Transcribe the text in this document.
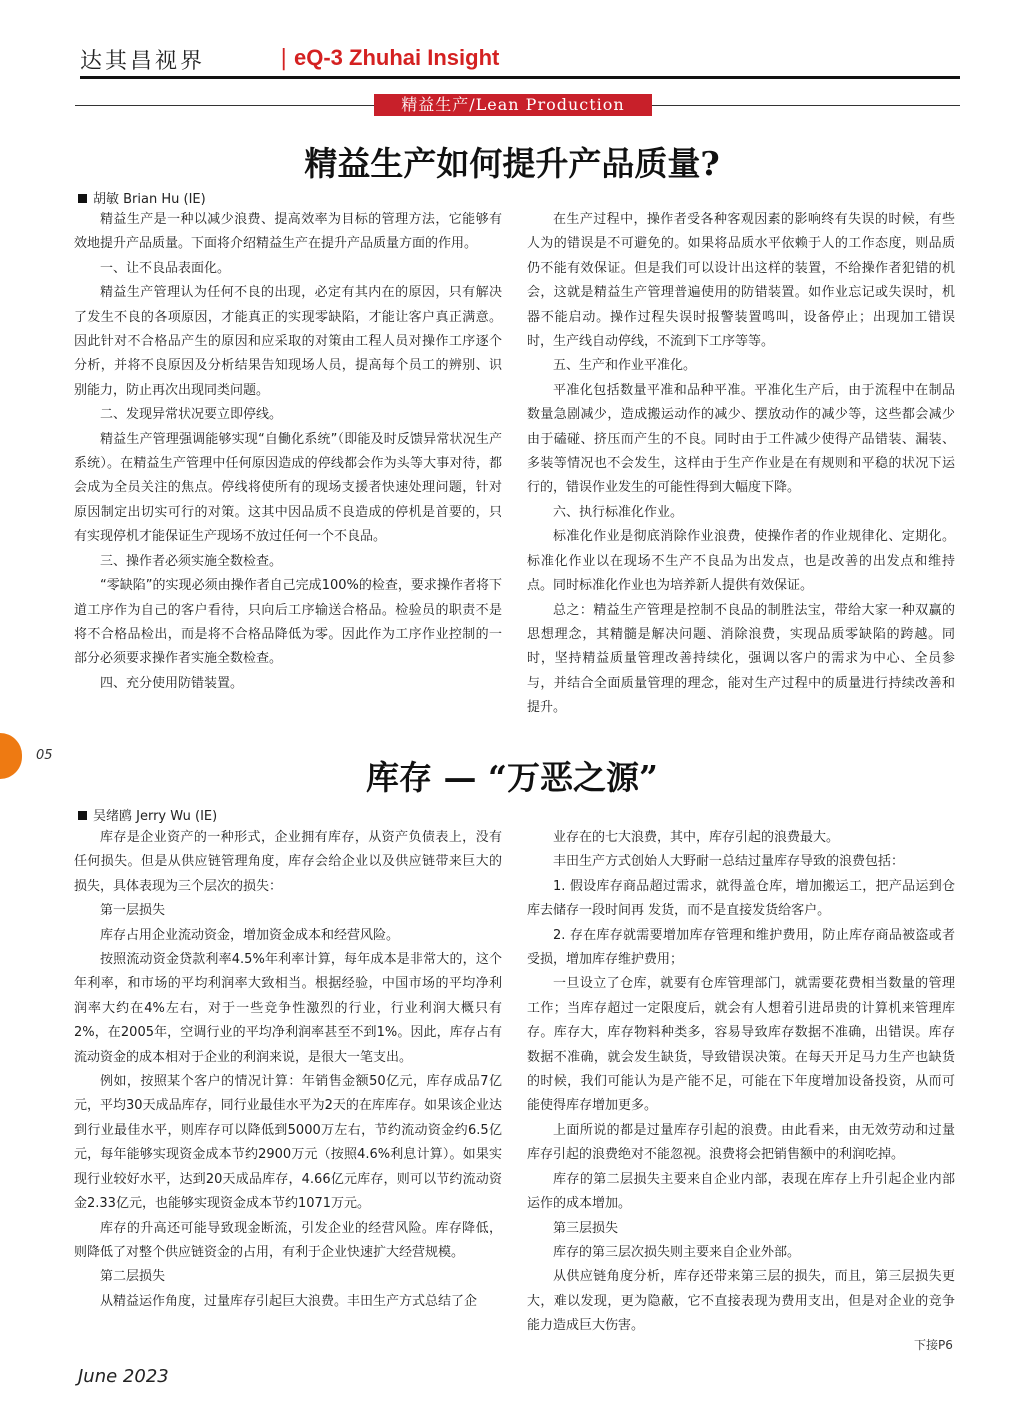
达其昌视界	| eQ-3 Zhuhai Insight
精益生产/Lean Production
精益生产如何提升产品质量?
胡敏 Brian Hu (IE)

精益生产是一种以减少浪费、提高效率为目标的管理方法，它能够有效地提升产品质量。下面将介绍精益生产在提升产品质量方面的作用。

一、让不良品表面化。

精益生产管理认为任何不良的出现，必定有其内在的原因，只有解决了发生不良的各项原因，才能真正的实现零缺陷，才能让客户真正满意。因此针对不合格品产生的原因和应采取的对策由工程人员对操作工序逐个分析，并将不良原因及分析结果告知现场人员，提高每个员工的辨别、识别能力，防止再次出现同类问题。

二、发现异常状况要立即停线。

精益生产管理强调能够实现“自働化系统”（即能及时反馈异常状况生产系统）。在精益生产管理中任何原因造成的停线都会作为头等大事对待，都会成为全员关注的焦点。停线将使所有的现场支援者快速处理问题，针对原因制定出切实可行的对策。这其中因品质不良造成的停机是首要的，只有实现停机才能保证生产现场不放过任何一个不良品。

三、操作者必须实施全数检查。

“零缺陷”的实现必须由操作者自己完成100%的检查，要求操作者将下道工序作为自己的客户看待，只向后工序输送合格品。检验员的职责不是将不合格品检出，而是将不合格品降低为零。因此作为工序作业控制的一部分必须要求操作者实施全数检查。

四、充分使用防错装置。

在生产过程中，操作者受各种客观因素的影响终有失误的时候，有些人为的错误是不可避免的。如果将品质水平依赖于人的工作态度，则品质仍不能有效保证。但是我们可以设计出这样的装置，不给操作者犯错的机会，这就是精益生产管理普遍使用的防错装置。如作业忘记或失误时，机器不能启动。操作过程失误时报警装置鸣叫，设备停止；出现加工错误时，生产线自动停线，不流到下工序等等。

五、生产和作业平准化。

平准化包括数量平准和品种平准。平准化生产后，由于流程中在制品数量急剧减少，造成搬运动作的减少、摆放动作的减少等，这些都会减少由于磕碰、挤压而产生的不良。同时由于工件减少使得产品错装、漏装、多装等情况也不会发生，这样由于生产作业是在有规则和平稳的状况下运行的，错误作业发生的可能性得到大幅度下降。

六、执行标准化作业。

标准化作业是彻底消除作业浪费，使操作者的作业规律化、定期化。标准化作业以在现场不生产不良品为出发点，也是改善的出发点和维持点。同时标准化作业也为培养新人提供有效保证。

总之：精益生产管理是控制不良品的制胜法宝，带给大家一种双赢的思想理念，其精髓是解决问题、消除浪费，实现品质零缺陷的跨越。同时，坚持精益质量管理改善持续化，强调以客户的需求为中心、全员参与，并结合全面质量管理的理念，能对生产过程中的质量进行持续改善和提升。

05
库存 — “万恶之源”
吴绪鸥 Jerry Wu (IE)

库存是企业资产的一种形式，企业拥有库存，从资产负债表上，没有任何损失。但是从供应链管理角度，库存会给企业以及供应链带来巨大的损失，具体表现为三个层次的损失：

第一层损失

库存占用企业流动资金，增加资金成本和经营风险。

按照流动资金贷款利率4.5%年利率计算，每年成本是非常大的，这个年利率，和市场的平均利润率大致相当。根据经验，中国市场的平均净利润率大约在4%左右，对于一些竞争性激烈的行业，行业利润大概只有2%，在2005年，空调行业的平均净利润率甚至不到1%。因此，库存占有流动资金的成本相对于企业的利润来说，是很大一笔支出。

例如，按照某个客户的情况计算：年销售金额50亿元，库存成品7亿元，平均30天成品库存，同行业最佳水平为2天的在库库存。如果该企业达到行业最佳水平，则库存可以降低到5000万左右，节约流动资金约6.5亿元，每年能够实现资金成本节约2900万元（按照4.6%利息计算）。如果实现行业较好水平，达到20天成品库存，4.66亿元库存，则可以节约流动资金2.33亿元，也能够实现资金成本节约1071万元。

库存的升高还可能导致现金断流，引发企业的经营风险。库存降低，则降低了对整个供应链资金的占用，有利于企业快速扩大经营规模。

第二层损失

从精益运作角度，过量库存引起巨大浪费。丰田生产方式总结了企

业存在的七大浪费，其中，库存引起的浪费最大。

丰田生产方式创始人大野耐一总结过量库存导致的浪费包括：

1. 假设库存商品超过需求，就得盖仓库，增加搬运工，把产品运到仓库去储存一段时间再 发货，而不是直接发货给客户。

2. 存在库存就需要增加库存管理和维护费用，防止库存商品被盗或者受损，增加库存维护费用；

一旦设立了仓库，就要有仓库管理部门，就需要花费相当数量的管理工作；当库存超过一定限度后，就会有人想着引进昂贵的计算机来管理库存。库存大，库存物料种类多，容易导致库存数据不准确，出错误。库存数据不准确，就会发生缺货，导致错误决策。在每天开足马力生产也缺货的时候，我们可能认为是产能不足，可能在下年度增加设备投资，从而可能使得库存增加更多。

上面所说的都是过量库存引起的浪费。由此看来，由无效劳动和过量库存引起的浪费绝对不能忽视。浪费将会把销售额中的利润吃掉。

库存的第二层损失主要来自企业内部，表现在库存上升引起企业内部运作的成本增加。

第三层损失

库存的第三层次损失则主要来自企业外部。

从供应链角度分析，库存还带来第三层的损失，而且，第三层损失更大，难以发现，更为隐蔽，它不直接表现为费用支出，但是对企业的竞争能力造成巨大伤害。

下接P6
June 2023
